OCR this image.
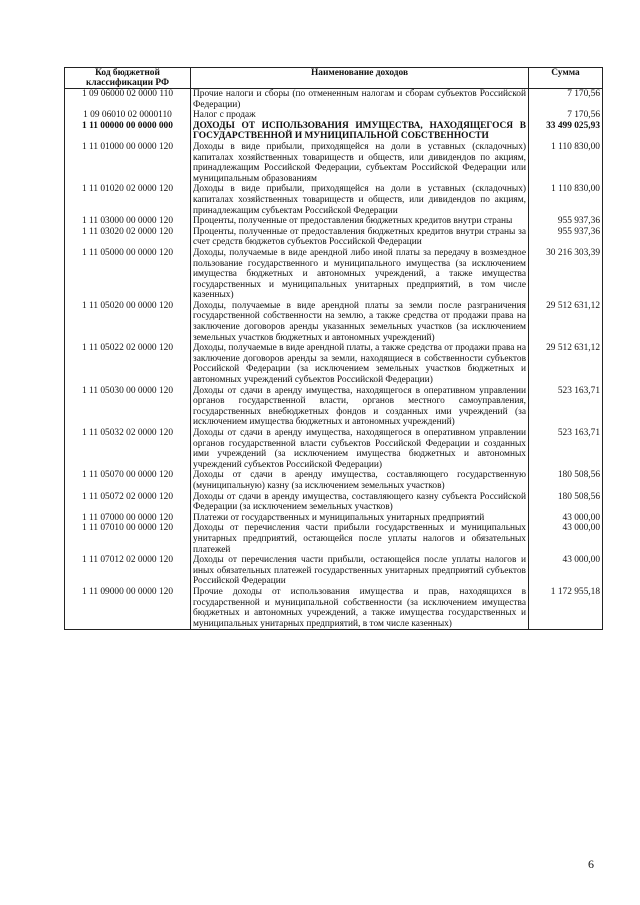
Код бюджетной классификации РФ	Наименование доходов	Сумма
1 09 06000 02 0000 110	Прочие налоги и сборы (по отмененным налогам и сборам субъектов Российской Федерации)	7 170,56
1 09 06010 02 0000110	Налог с продаж	7 170,56
1 11 00000 00 0000 000	ДОХОДЫ ОТ ИСПОЛЬЗОВАНИЯ ИМУЩЕСТВА, НАХОДЯЩЕГОСЯ В ГОСУДАРСТВЕННОЙ И МУНИЦИПАЛЬНОЙ СОБСТВЕННОСТИ	33 499 025,93
1 11 01000 00 0000 120	Доходы в виде прибыли, приходящейся на доли в уставных (складочных) капиталах хозяйственных товариществ и обществ, или дивидендов по акциям, принадлежащим Российской Федерации, субъектам Российской Федерации или муниципальным образованиям	1 110 830,00
1 11 01020 02 0000 120	Доходы в виде прибыли, приходящейся на доли в уставных (складочных) капиталах хозяйственных товариществ и обществ, или дивидендов по акциям, принадлежащим субъектам Российской Федерации	1 110 830,00
1 11 03000 00 0000 120	Проценты, полученные от предоставления бюджетных кредитов внутри страны	955 937,36
1 11 03020 02 0000 120	Проценты, полученные от предоставления бюджетных кредитов внутри страны за счет средств бюджетов субъектов Российской Федерации	955 937,36
1 11 05000 00 0000 120	Доходы, получаемые в виде арендной либо иной платы за передачу в возмездное пользование государственного и муниципального имущества (за исключением имущества бюджетных и автономных учреждений, а также имущества государственных и муниципальных унитарных предприятий, в том числе казенных)	30 216 303,39
1 11 05020 00 0000 120	Доходы, получаемые в виде арендной платы за земли после разграничения государственной собственности на землю, а также средства от продажи права на заключение договоров аренды указанных земельных участков (за исключением земельных участков бюджетных и автономных учреждений)	29 512 631,12
1 11 05022 02 0000 120	Доходы, получаемые в виде арендной платы, а также средства от продажи права на заключение договоров аренды за земли, находящиеся в собственности субъектов Российской Федерации (за исключением земельных участков бюджетных и автономных учреждений субъектов Российской Федерации)	29 512 631,12
1 11 05030 00 0000 120	Доходы от сдачи в аренду имущества, находящегося в оперативном управлении органов государственной власти, органов местного самоуправления, государственных внебюджетных фондов и созданных ими учреждений (за исключением имущества бюджетных и автономных учреждений)	523 163,71
1 11 05032 02 0000 120	Доходы от сдачи в аренду имущества, находящегося в оперативном управлении органов государственной власти субъектов Российской Федерации и созданных ими учреждений (за исключением имущества бюджетных и автономных учреждений субъектов Российской Федерации)	523 163,71
1 11 05070 00 0000 120	Доходы от сдачи в аренду имущества, составляющего государственную (муниципальную) казну (за исключением земельных участков)	180 508,56
1 11 05072 02 0000 120	Доходы от сдачи в аренду имущества, составляющего казну субъекта Российской Федерации (за исключением земельных участков)	180 508,56
1 11 07000 00 0000 120	Платежи от государственных и муниципальных унитарных предприятий	43 000,00
1 11 07010 00 0000 120	Доходы от перечисления части прибыли государственных и муниципальных унитарных предприятий, остающейся после уплаты налогов и обязательных платежей	43 000,00
1 11 07012 02 0000 120	Доходы от перечисления части прибыли, остающейся после уплаты налогов и иных обязательных платежей государственных унитарных предприятий субъектов Российской Федерации	43 000,00
1 11 09000 00 0000 120	Прочие доходы от использования имущества и прав, находящихся в государственной и муниципальной собственности (за исключением имущества бюджетных и автономных учреждений, а также имущества государственных и муниципальных унитарных предприятий, в том числе казенных)	1 172 955,18
6
